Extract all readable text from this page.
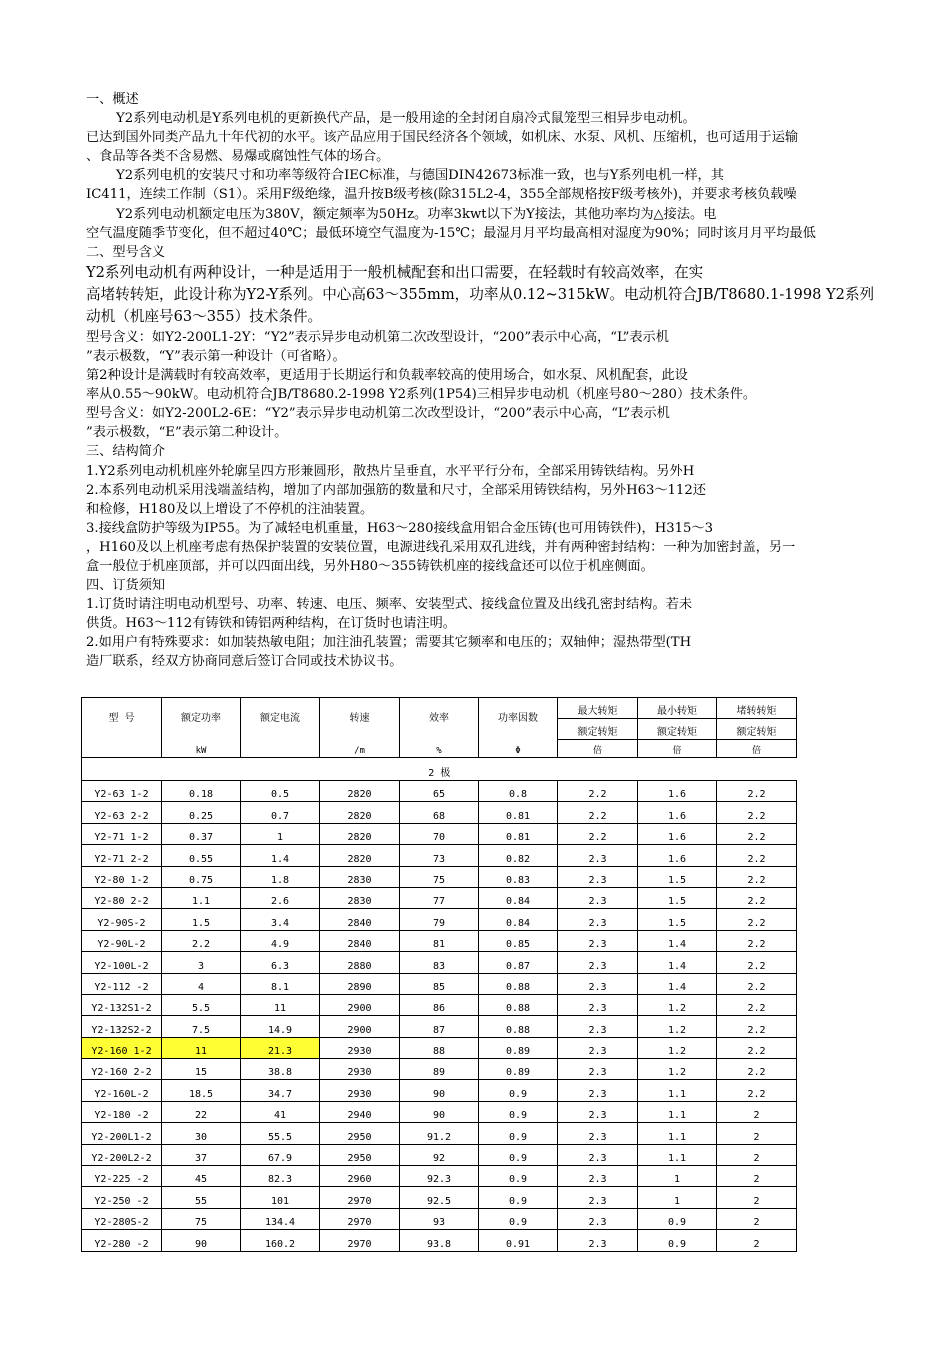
一、概述
Y2系列电动机是Y系列电机的更新换代产品，是一般用途的全封闭自扇冷式鼠笼型三相异步电动机。
已达到国外同类产品九十年代初的水平。该产品应用于国民经济各个领域，如机床、水泵、风机、压缩机，也可适用于运输
、食品等各类不含易燃、易爆或腐蚀性气体的场合。
Y2系列电机的安装尺寸和功率等级符合IEC标准，与德国DIN42673标准一致，也与Y系列电机一样，其
IC411，连续工作制（S1）。采用F级绝缘，温升按B级考核(除315L2-4，355全部规格按F级考核外)，并要求考核负载噪
Y2系列电动机额定电压为380V，额定频率为50Hz。功率3kwt以下为Y接法，其他功率均为△接法。电
空气温度随季节变化，但不超过40℃；最低环境空气温度为-15℃；最湿月月平均最高相对湿度为90%；同时该月月平均最低
二、型号含义
Y2系列电动机有两种设计，一种是适用于一般机械配套和出口需要，在轻载时有较高效率，在实
高堵转转矩，此设计称为Y2-Y系列。中心高63～355mm，功率从0.12~315kW。电动机符合JB/T8680.1-1998 Y2系列
动机（机座号63～355）技术条件。
型号含义：如Y2-200L1-2Y：“Y2”表示异步电动机第二次改型设计，“200”表示中心高，“L”表示机
”表示极数，“Y”表示第一种设计（可省略）。
第2种设计是满载时有较高效率，更适用于长期运行和负载率较高的使用场合，如水泵、风机配套，此设
率从0.55～90kW。电动机符合JB/T8680.2-1998 Y2系列(1P54)三相异步电动机（机座号80～280）技术条件。
型号含义：如Y2-200L2-6E：“Y2”表示异步电动机第二次改型设计，“200”表示中心高，“L”表示机
”表示极数，“E”表示第二种设计。
三、结构简介
1.Y2系列电动机机座外轮廓呈四方形兼圆形，散热片呈垂直，水平平行分布，全部采用铸铁结构。另外H
2.本系列电动机采用浅端盖结构，增加了内部加强筋的数量和尺寸，全部采用铸铁结构，另外H63～112还
和检修，H180及以上增设了不停机的注油装置。
3.接线盒防护等级为IP55。为了减轻电机重量，H63～280接线盒用铝合金压铸(也可用铸铁件)，H315～3
，H160及以上机座考虑有热保护装置的安装位置，电源进线孔采用双孔进线，并有两种密封结构：一种为加密封盖，另一
盒一般位于机座顶部，并可以四面出线，另外H80～355铸铁机座的接线盒还可以位于机座侧面。
四、订货须知
1.订货时请注明电动机型号、功率、转速、电压、频率、安装型式、接线盒位置及出线孔密封结构。若未
供货。H63～112有铸铁和铸铝两种结构，在订货时也请注明。
2.如用户有特殊要求：如加装热敏电阻；加注油孔装置；需要其它频率和电压的；双轴伸；湿热带型(TH
造厂联系，经双方协商同意后签订合同或技术协议书。
型 号	额定功率	额定电流	转速	效率	功率因数	最大转矩	最小转矩	堵转转矩
						额定转矩	额定转矩	额定转矩
	kW		/m	%	Φ	倍	倍	倍
2 极								
Y2-63 1-2	0.18	0.5	2820	65	0.8	2.2	1.6	2.2
Y2-63 2-2	0.25	0.7	2820	68	0.81	2.2	1.6	2.2
Y2-71 1-2	0.37	1	2820	70	0.81	2.2	1.6	2.2
Y2-71 2-2	0.55	1.4	2820	73	0.82	2.3	1.6	2.2
Y2-80 1-2	0.75	1.8	2830	75	0.83	2.3	1.5	2.2
Y2-80 2-2	1.1	2.6	2830	77	0.84	2.3	1.5	2.2
Y2-90S-2	1.5	3.4	2840	79	0.84	2.3	1.5	2.2
Y2-90L-2	2.2	4.9	2840	81	0.85	2.3	1.4	2.2
Y2-100L-2	3	6.3	2880	83	0.87	2.3	1.4	2.2
Y2-112 -2	4	8.1	2890	85	0.88	2.3	1.4	2.2
Y2-132S1-2	5.5	11	2900	86	0.88	2.3	1.2	2.2
Y2-132S2-2	7.5	14.9	2900	87	0.88	2.3	1.2	2.2
Y2-160 1-2	11	21.3	2930	88	0.89	2.3	1.2	2.2
Y2-160 2-2	15	38.8	2930	89	0.89	2.3	1.2	2.2
Y2-160L-2	18.5	34.7	2930	90	0.9	2.3	1.1	2.2
Y2-180 -2	22	41	2940	90	0.9	2.3	1.1	2
Y2-200L1-2	30	55.5	2950	91.2	0.9	2.3	1.1	2
Y2-200L2-2	37	67.9	2950	92	0.9	2.3	1.1	2
Y2-225 -2	45	82.3	2960	92.3	0.9	2.3	1	2
Y2-250 -2	55	101	2970	92.5	0.9	2.3	1	2
Y2-280S-2	75	134.4	2970	93	0.9	2.3	0.9	2
Y2-280 -2	90	160.2	2970	93.8	0.91	2.3	0.9	2
